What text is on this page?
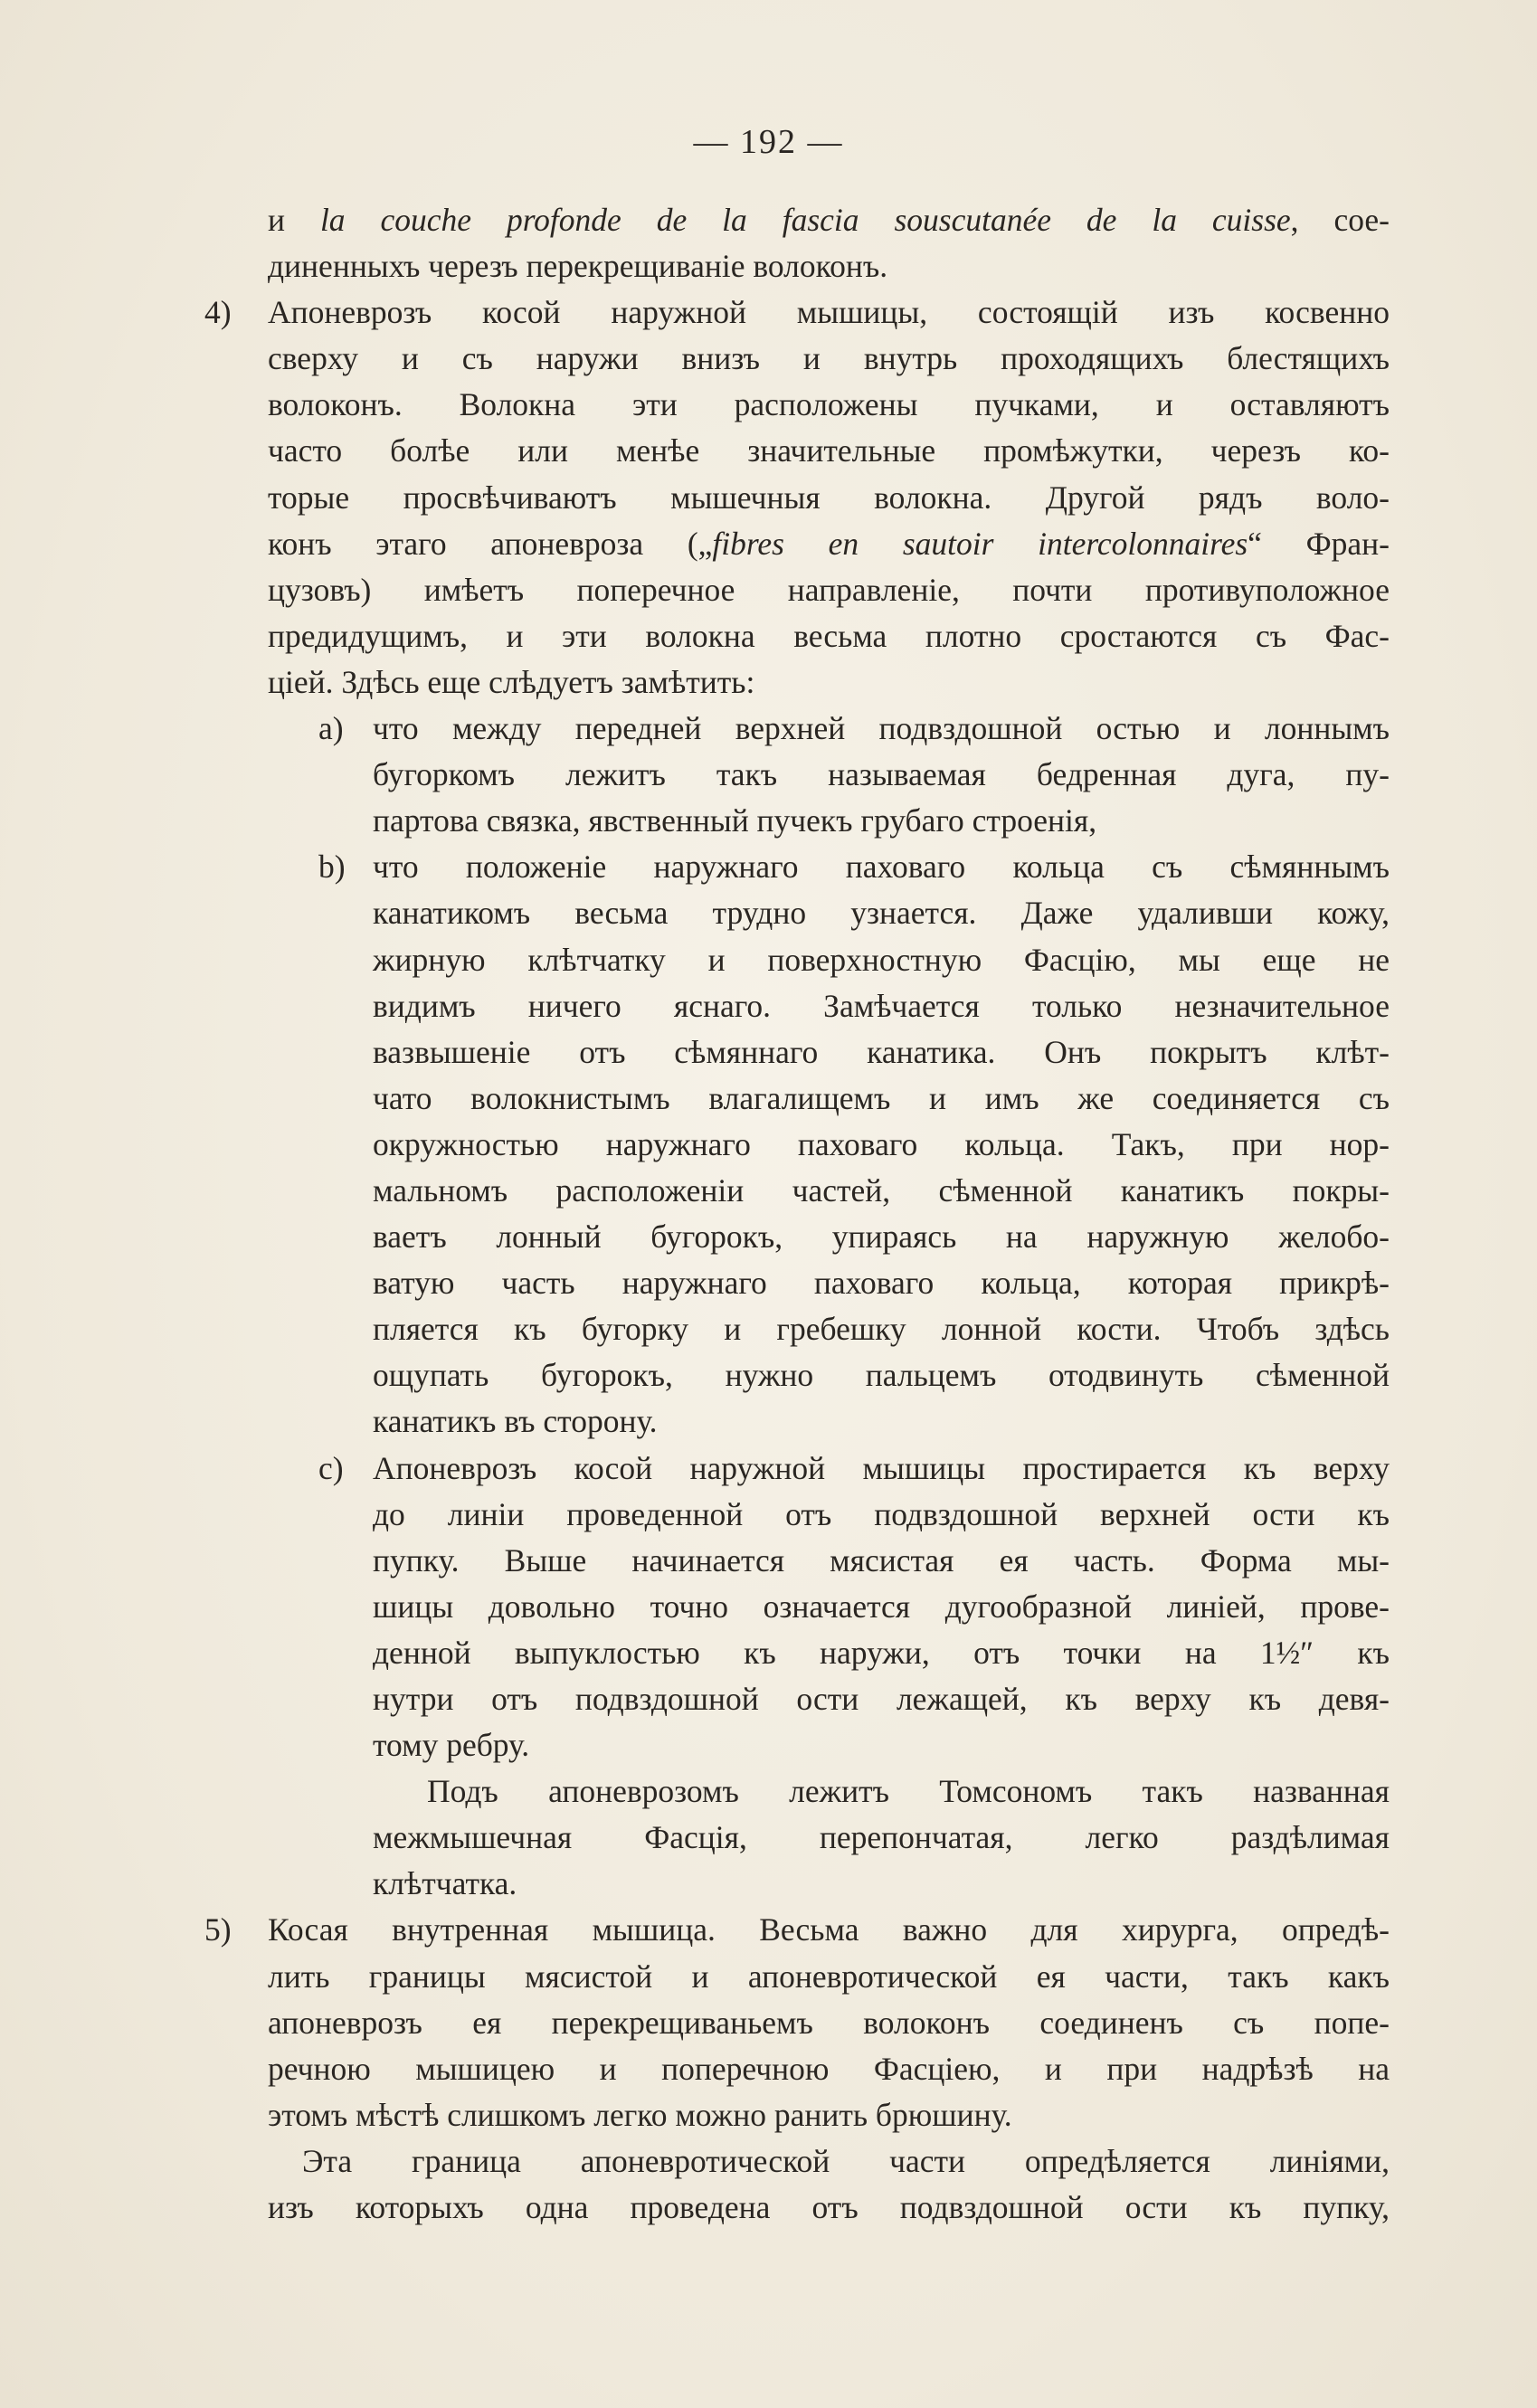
— 192 —
и la couche profonde de la fascia souscutanée de la cuisse, сое-
диненныхъ черезъ перекрещиваніе волоконъ.
4) Апоневрозъ косой наружной мышицы, состоящій изъ косвенно
сверху и съ наружи внизъ и внутрь проходящихъ блестящихъ
волоконъ. Волокна эти расположены пучками, и оставляютъ
часто болѣе или менѣе значительные промѣжутки, черезъ ко-
торые просвѣчиваютъ мышечныя волокна. Другой рядъ воло-
конъ этаго апоневроза („fibres en sautoir intercolonnaires“ Фран-
цузовъ) имѣетъ поперечное направленіе, почти противуположное
предидущимъ, и эти волокна весьма плотно сростаются съ Фас-
ціей. Здѣсь еще слѣдуетъ замѣтить:
a) что между передней верхней подвздошной остью и лоннымъ
бугоркомъ лежитъ такъ называемая бедренная дуга, пу-
партова связка, явственный пучекъ грубаго строенія,
b) что положеніе наружнаго паховаго кольца съ сѣмяннымъ
канатикомъ весьма трудно узнается. Даже удаливши кожу,
жирную клѣтчатку и поверхностную Фасцію, мы еще не
видимъ ничего яснаго. Замѣчается только незначительное
вазвышеніе отъ сѣмяннаго канатика. Онъ покрытъ клѣт-
чато волокнистымъ влагалищемъ и имъ же соединяется съ
окружностью наружнаго паховаго кольца. Такъ, при нор-
мальномъ расположеніи частей, сѣменной канатикъ покры-
ваетъ лонный бугорокъ, упираясь на наружную желобо-
ватую часть наружнаго паховаго кольца, которая прикрѣ-
пляется къ бугорку и гребешку лонной кости. Чтобъ здѣсь
ощупать бугорокъ, нужно пальцемъ отодвинуть сѣменной
канатикъ въ сторону.
c) Апоневрозъ косой наружной мышицы простирается къ верху
до линіи проведенной отъ подвздошной верхней ости къ
пупку. Выше начинается мясистая ея часть. Форма мы-
шицы довольно точно означается дугообразной линіей, прове-
денной выпуклостью къ наружи, отъ точки на 1½″ къ
нутри отъ подвздошной ости лежащей, къ верху къ девя-
тому ребру.
Подъ апоневрозомъ лежитъ Томсономъ такъ названная
межмышечная Фасція, перепончатая, легко раздѣлимая
клѣтчатка.
5) Косая внутренная мышица. Весьма важно для хирурга, опредѣ-
лить границы мясистой и апоневротической ея части, такъ какъ
апоневрозъ ея перекрещиваньемъ волоконъ соединенъ съ попе-
речною мышицею и поперечною Фасціею, и при надрѣзѣ на
этомъ мѣстѣ слишкомъ легко можно ранить брюшину.
Эта граница апоневротической части опредѣляется линіями,
изъ которыхъ одна проведена отъ подвздошной ости къ пупку,
